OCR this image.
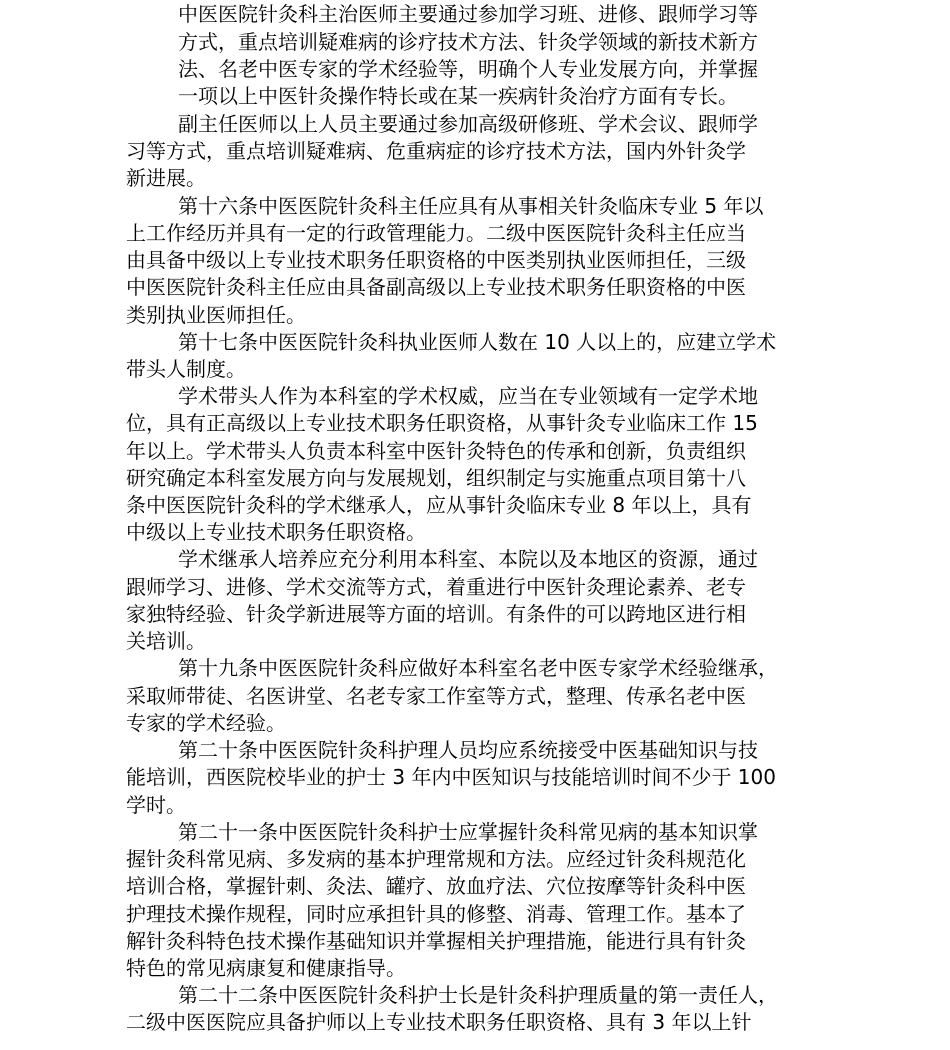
中医医院针灸科主治医师主要通过参加学习班、进修、跟师学习等
方式，重点培训疑难病的诊疗技术方法、针灸学领域的新技术新方
法、名老中医专家的学术经验等，明确个人专业发展方向，并掌握
一项以上中医针灸操作特长或在某一疾病针灸治疗方面有专长。
副主任医师以上人员主要通过参加高级研修班、学术会议、跟师学
习等方式，重点培训疑难病、危重病症的诊疗技术方法，国内外针灸学
新进展。
第十六条中医医院针灸科主任应具有从事相关针灸临床专业 5 年以
上工作经历并具有一定的行政管理能力。二级中医医院针灸科主任应当
由具备中级以上专业技术职务任职资格的中医类别执业医师担任，三级
中医医院针灸科主任应由具备副高级以上专业技术职务任职资格的中医
类别执业医师担任。
第十七条中医医院针灸科执业医师人数在 10 人以上的，应建立学术
带头人制度。
学术带头人作为本科室的学术权威，应当在专业领域有一定学术地
位，具有正高级以上专业技术职务任职资格，从事针灸专业临床工作 15
年以上。学术带头人负责本科室中医针灸特色的传承和创新，负责组织
研究确定本科室发展方向与发展规划，组织制定与实施重点项目第十八
条中医医院针灸科的学术继承人，应从事针灸临床专业 8 年以上，具有
中级以上专业技术职务任职资格。
学术继承人培养应充分利用本科室、本院以及本地区的资源，通过
跟师学习、进修、学术交流等方式，着重进行中医针灸理论素养、老专
家独特经验、针灸学新进展等方面的培训。有条件的可以跨地区进行相
关培训。
第十九条中医医院针灸科应做好本科室名老中医专家学术经验继承，
采取师带徒、名医讲堂、名老专家工作室等方式，整理、传承名老中医
专家的学术经验。
第二十条中医医院针灸科护理人员均应系统接受中医基础知识与技
能培训，西医院校毕业的护士 3 年内中医知识与技能培训时间不少于 100
学时。
第二十一条中医医院针灸科护士应掌握针灸科常见病的基本知识掌
握针灸科常见病、多发病的基本护理常规和方法。应经过针灸科规范化
培训合格，掌握针刺、灸法、罐疗、放血疗法、穴位按摩等针灸科中医
护理技术操作规程，同时应承担针具的修整、消毒、管理工作。基本了
解针灸科特色技术操作基础知识并掌握相关护理措施，能进行具有针灸
特色的常见病康复和健康指导。
第二十二条中医医院针灸科护士长是针灸科护理质量的第一责任人，
二级中医医院应具备护师以上专业技术职务任职资格、具有 3 年以上针
